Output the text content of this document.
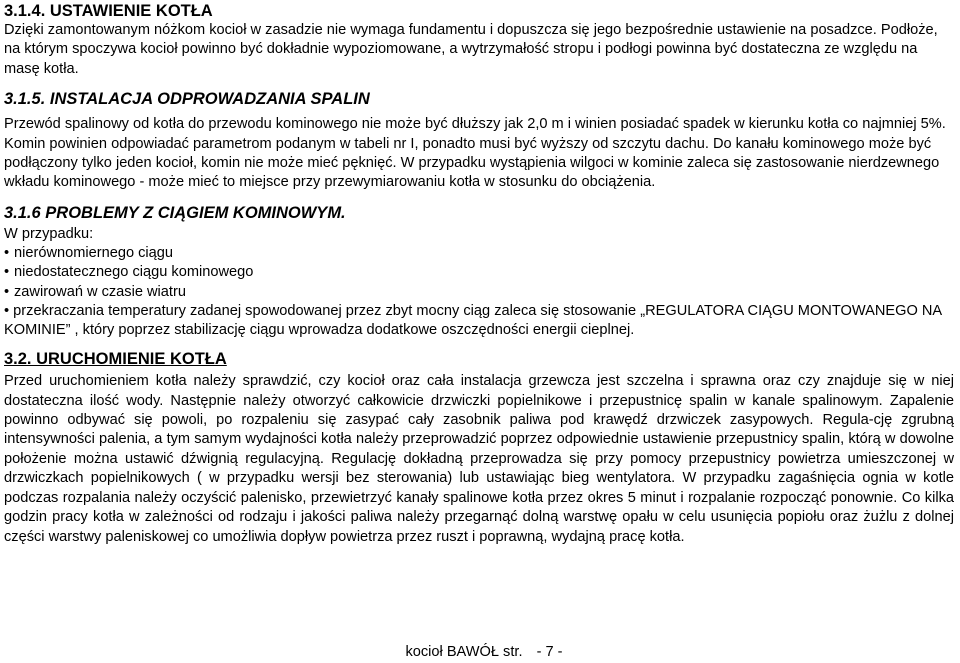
3.1.4. USTAWIENIE KOTŁA

Dzięki zamontowanym nóżkom kocioł w zasadzie nie wymaga fundamentu i dopuszcza się jego bezpośrednie ustawienie na posadzce. Podłoże, na którym spoczywa kocioł powinno być dokładnie wypoziomowane, a wytrzymałość stropu i podłogi powinna być dostateczna ze względu na masę kotła.

3.1.5. INSTALACJA ODPROWADZANIA SPALIN

Przewód spalinowy od kotła do przewodu kominowego nie może być dłuższy jak 2,0 m i winien posiadać spadek w kierunku kotła co najmniej 5%. Komin powinien odpowiadać parametrom podanym w tabeli nr I, ponadto musi być wyższy od szczytu dachu. Do kanału kominowego może być podłączony tylko jeden kocioł, komin nie może mieć pęknięć. W przypadku wystąpienia wilgoci w kominie zaleca się zastosowanie nierdzewnego wkładu kominowego - może mieć to miejsce przy przewymiarowaniu kotła w stosunku do obciążenia.

3.1.6 PROBLEMY Z CIĄGIEM KOMINOWYM.

W przypadku:

• nierównomiernego ciągu
• niedostatecznego ciągu kominowego
• zawirowań w czasie wiatru
• przekraczania temperatury zadanej spowodowanej przez zbyt mocny ciąg zaleca się stosowanie „REGULATORA CIĄGU MONTOWANEGO NA KOMINIE” , który poprzez stabilizację ciągu wprowadza dodatkowe oszczędności energii cieplnej.
3.2. URUCHOMIENIE KOTŁA

Przed uruchomieniem kotła należy sprawdzić, czy kocioł oraz cała instalacja grzewcza jest szczelna i sprawna oraz czy znajduje się w niej dostateczna ilość wody. Następnie należy otworzyć całkowicie drzwiczki popielnikowe i przepustnicę spalin w kanale spalinowym. Zapalenie powinno odbywać się powoli, po rozpaleniu się zasypać cały zasobnik paliwa pod krawędź drzwiczek zasypowych. Regula-cję zgrubną intensywności palenia, a tym samym wydajności kotła należy przeprowadzić poprzez odpowiednie ustawienie przepustnicy spalin, którą w dowolne położenie można ustawić dźwignią regulacyjną. Regulację dokładną przeprowadza się przy pomocy przepustnicy powietrza umieszczonej w drzwiczkach popielnikowych ( w przypadku wersji bez sterowania) lub ustawiając bieg wentylatora. W przypadku zagaśnięcia ognia w kotle podczas rozpalania należy oczyścić palenisko, przewietrzyć kanały spalinowe kotła przez okres 5 minut i rozpalanie rozpocząć ponownie. Co kilka godzin pracy kotła w zależności od rodzaju i jakości paliwa należy przegarnąć dolną warstwę opału w celu usunięcia popiołu oraz żużlu z dolnej części warstwy paleniskowej co umożliwia dopływ powietrza przez ruszt i poprawną, wydajną pracę kotła.

kocioł BAWÓŁ str. - 7 -
